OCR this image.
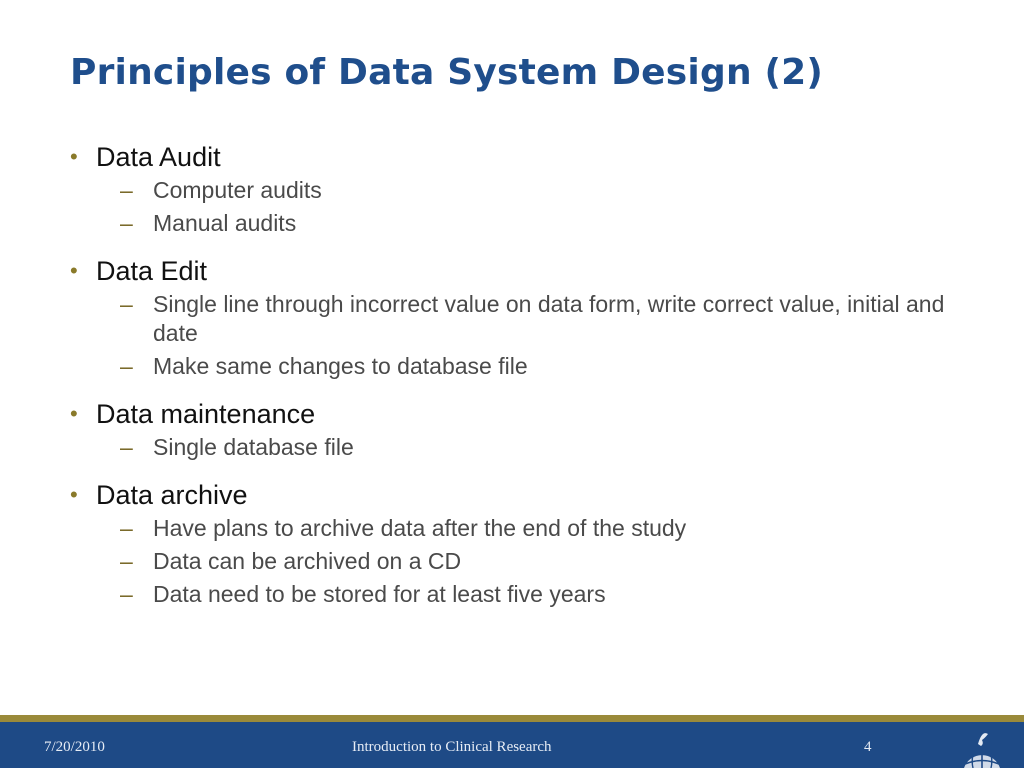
Principles of Data System Design (2)
• Data Audit
– Computer audits
– Manual audits
• Data Edit
– Single line through incorrect value on data form, write correct value, initial and date
– Make same changes to database file
• Data maintenance
– Single database file
• Data archive
– Have plans to archive data after the end of the study
– Data can be archived on a CD
– Data need to be stored for at least five years
7/20/2010	Introduction to Clinical Research	4
